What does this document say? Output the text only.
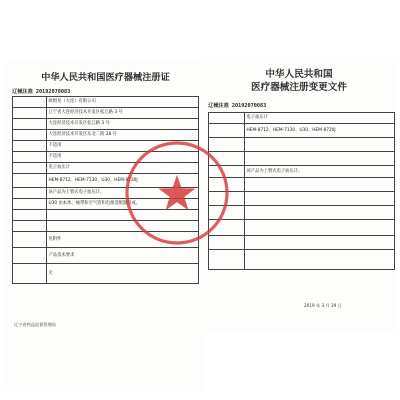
中华人民共和国医疗器械注册证
辽械注准 20192070083
	欧姆龙（大连）有限公司
	辽宁省大连经济技术开发区松江路 3 号
	大连经济技术开发区松江路 3 号
	大连经济技术开发区东北二街 28 号
	不适用
	不适用
	电子血压计
	HEM-8712、HEM-7130、U30、HEM-8720J
	该产品为上臂式电子血压计。
	U30 由本体、袖带和空气管和电源适配器组成。

	见附件
	产品技术要求
	无
辽宁省药品监督管理局
中华人民共和国
医疗器械注册变更文件
辽械注准 20192070083
	电子血压计
	HEM-8712、HEM-7130、U30、HEM-8720J

	该产品为上臂式电子血压计。

2019 年 3 月 29 日
